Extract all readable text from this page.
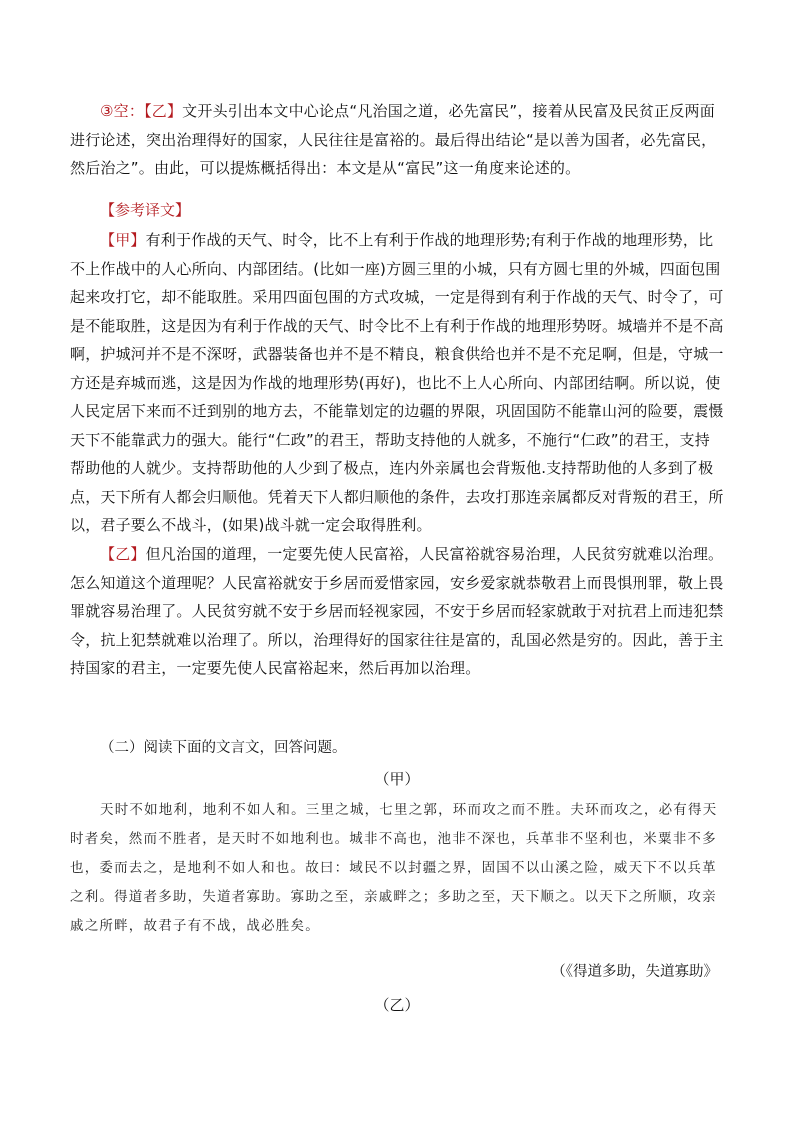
③空：【乙】文开头引出本文中心论点“凡治国之道，必先富民”，接着从民富及民贫正反两面进行论述，突出治理得好的国家，人民往往是富裕的。最后得出结论“是以善为国者，必先富民，然后治之”。由此，可以提炼概括得出：本文是从“富民”这一角度来论述的。

【参考译文】

【甲】有利于作战的天气、时令，比不上有利于作战的地理形势;有利于作战的地理形势，比不上作战中的人心所向、内部团结。(比如一座)方圆三里的小城，只有方圆七里的外城，四面包围起来攻打它，却不能取胜。采用四面包围的方式攻城，一定是得到有利于作战的天气、时令了，可是不能取胜，这是因为有利于作战的天气、时令比不上有利于作战的地理形势呀。城墙并不是不高啊，护城河并不是不深呀，武器装备也并不是不精良，粮食供给也并不是不充足啊，但是，守城一方还是弃城而逃，这是因为作战的地理形势(再好)，也比不上人心所向、内部团结啊。所以说，使人民定居下来而不迁到别的地方去，不能靠划定的边疆的界限，巩固国防不能靠山河的险要，震慑天下不能靠武力的强大。能行“仁政”的君王，帮助支持他的人就多，不施行“仁政”的君王，支持帮助他的人就少。支持帮助他的人少到了极点，连内外亲属也会背叛他.支持帮助他的人多到了极点，天下所有人都会归顺他。凭着天下人都归顺他的条件，去攻打那连亲属都反对背叛的君王，所以，君子要么不战斗，(如果)战斗就一定会取得胜利。

【乙】但凡治国的道理，一定要先使人民富裕，人民富裕就容易治理，人民贫穷就难以治理。怎么知道这个道理呢？人民富裕就安于乡居而爱惜家园，安乡爱家就恭敬君上而畏惧刑罪，敬上畏罪就容易治理了。人民贫穷就不安于乡居而轻视家园，不安于乡居而轻家就敢于对抗君上而违犯禁令，抗上犯禁就难以治理了。所以，治理得好的国家往往是富的，乱国必然是穷的。因此，善于主持国家的君主，一定要先使人民富裕起来，然后再加以治理。

（二）阅读下面的文言文，回答问题。

（甲）

天时不如地利，地利不如人和。三里之城，七里之郭，环而攻之而不胜。夫环而攻之，必有得天时者矣，然而不胜者，是天时不如地利也。城非不高也，池非不深也，兵革非不坚利也，米粟非不多也，委而去之，是地利不如人和也。故曰：域民不以封疆之界，固国不以山溪之险，威天下不以兵革之利。得道者多助，失道者寡助。寡助之至，亲戚畔之；多助之至，天下顺之。以天下之所顺，攻亲戚之所畔，故君子有不战，战必胜矣。

（《得道多助，失道寡助》

（乙）
